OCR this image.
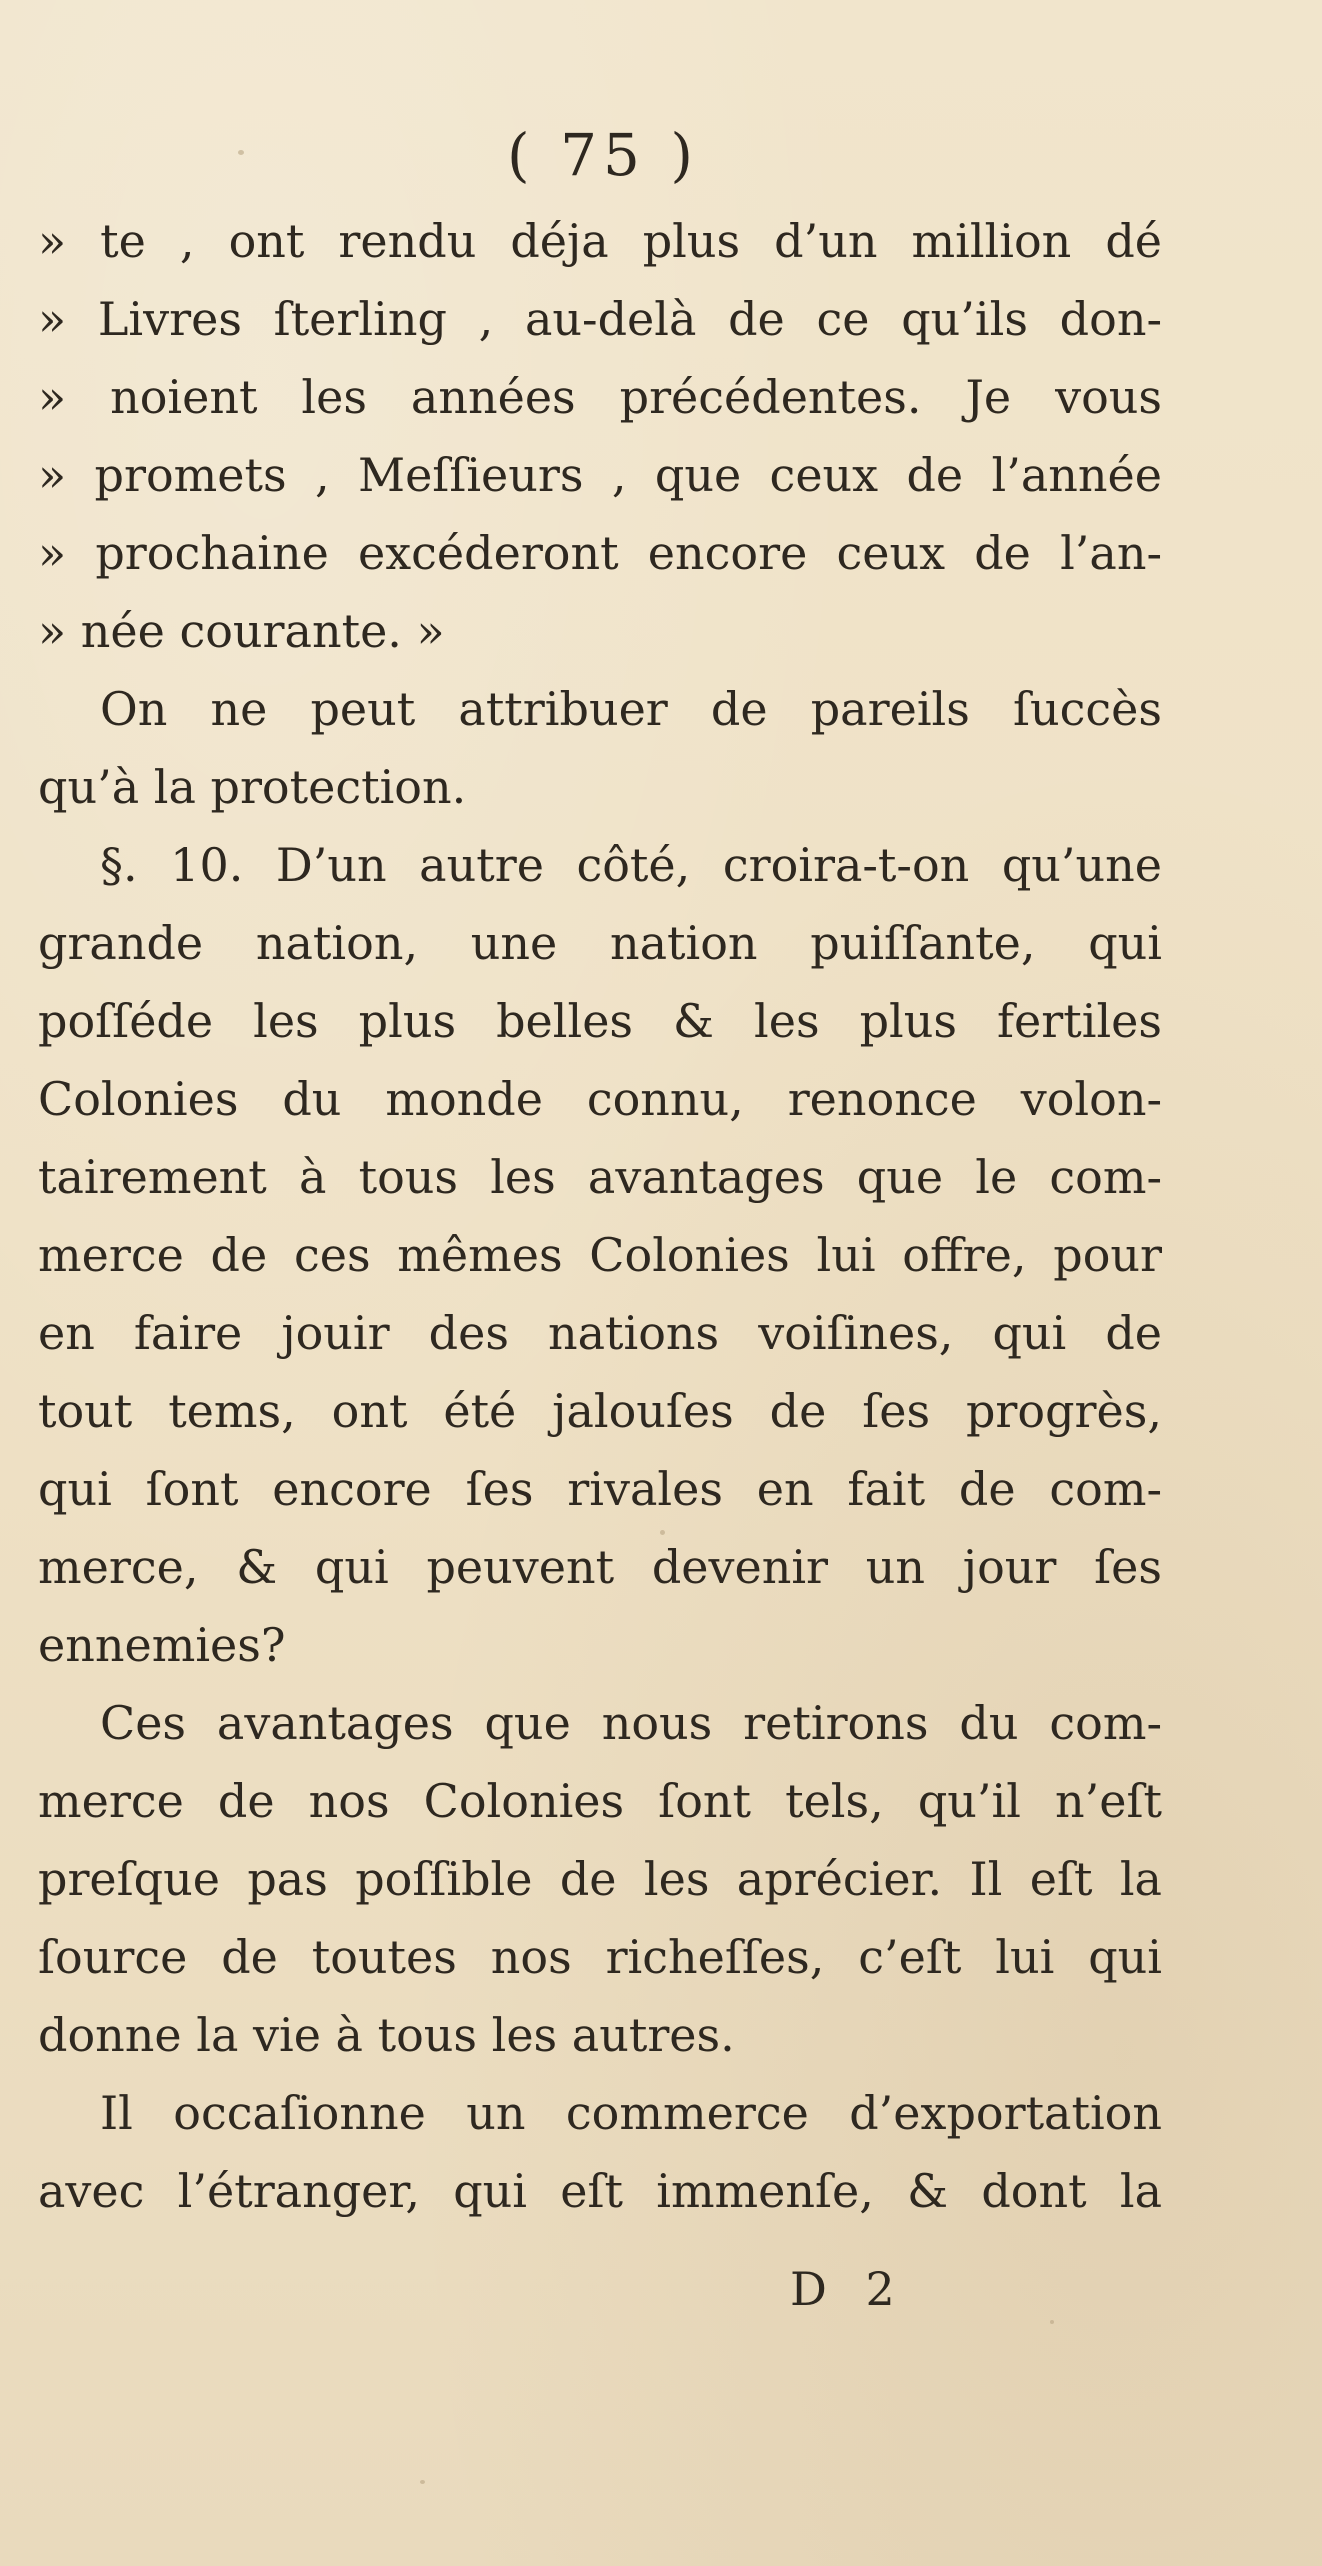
( 75 )
» te , ont rendu déja plus d’un million dé
» Livres ſterling , au-delà de ce qu’ils don-
» noient les années précédentes. Je vous
» promets , Meſſieurs , que ceux de l’année
» prochaine excéderont encore ceux de l’an-
» née courante. »
On ne peut attribuer de pareils ſuccès
qu’à la protection.
§. 10. D’un autre côté, croira-t-on qu’une
grande nation, une nation puiſſante, qui
poſſéde les plus belles & les plus fertiles
Colonies du monde connu, renonce volon-
tairement à tous les avantages que le com-
merce de ces mêmes Colonies lui offre, pour
en faire jouir des nations voiſines, qui de
tout tems, ont été jalouſes de ſes progrès,
qui ſont encore ſes rivales en fait de com-
merce, & qui peuvent devenir un jour ſes
ennemies?
Ces avantages que nous retirons du com-
merce de nos Colonies ſont tels, qu’il n’eſt
preſque pas poſſible de les aprécier. Il eſt la
ſource de toutes nos richeſſes, c’eſt lui qui
donne la vie à tous les autres.
Il occaſionne un commerce d’exportation
avec l’étranger, qui eſt immenſe, & dont la
D 2
